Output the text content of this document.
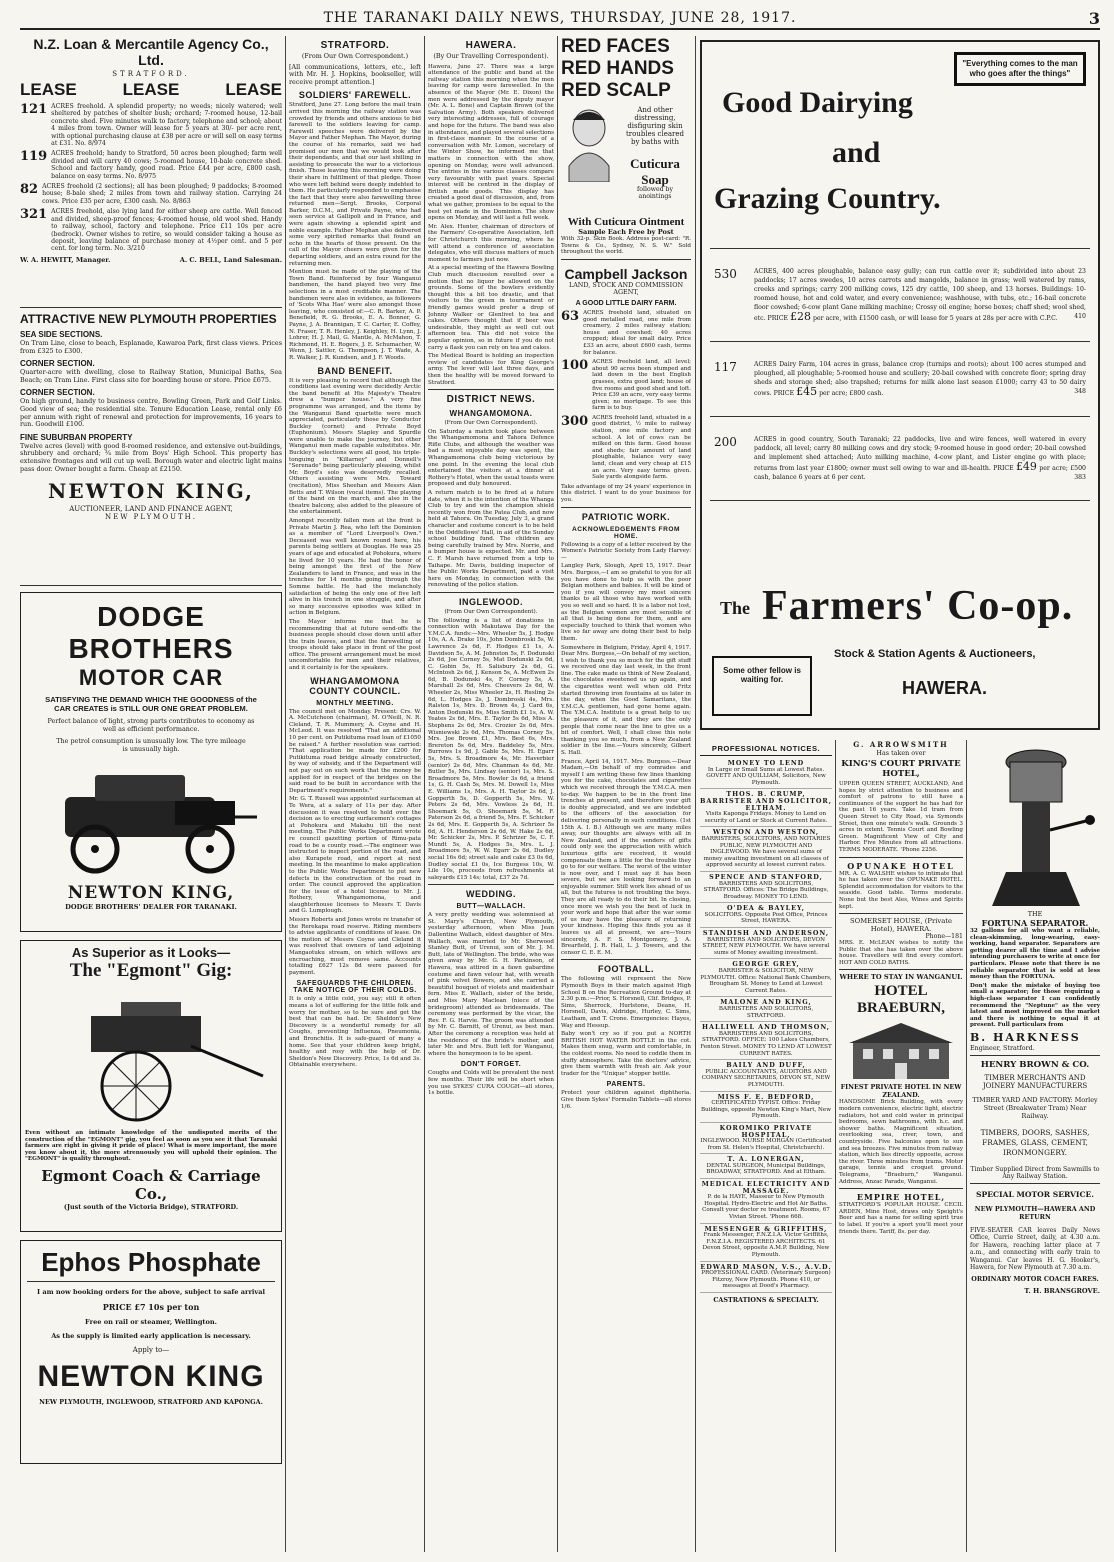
THE TARANAKI DAILY NEWS, THURSDAY, JUNE 28, 1917.	3
N.Z. Loan & Mercantile Agency Co., Ltd.
STRATFORD.
LEASE	LEASE	LEASE
121 ACRES freehold. A splendid property; no weeds; nicely watered; well sheltered by patches of shelter bush; orchard; 7-roomed house, 12-bail concrete shed. Five minutes walk to factory, telephone and school; about 4 miles from town. Owner will lease for 5 years at 30/- per acre rent, with optional purchasing clause at £38 per acre or will sell on easy terms at £31. No. 8/974
119 ACRES freehold; handy to Stratford, 50 acres been ploughed; farm well divided and will carry 40 cows; 5-roomed house, 10-bale concrete shed. School and factory handy, good road. Price £44 per acre, £800 cash, balance on easy terms. No. 8/975
82 ACRES freehold (2 sections); all has been ploughed; 9 paddocks; 8-roomed house; 8-bale shed; 2 miles from town and railway station. Carrying 24 cows. Price £35 per acre, £300 cash. No. 8/863
321 ACRES freehold, also lying land for either sheep are cattle. Well fenced and divided, sheep-proof fences; 4-roomed house, old wool shed. Handy to railway, school, factory and telephone. Price £11 10s per acre (bedrock). Owner wishes to retire, so would consider taking a house as deposit, leaving balance of purchase money at 4½per cent. and 5 per cent. for long term. No. 3/210
W. A. HEWITT, Manager.	A. C. BELL, Land Salesman.
ATTRACTIVE NEW PLYMOUTH PROPERTIES
SEA SIDE SECTIONS.

On Tram Line, close to beach, Esplanade, Kawaroa Park, first class views. Prices from £325 to £300.

CORNER SECTION.

Quarter-acre with dwelling, close to Railway Station, Municipal Baths, Sea Beach; on Tram Line. First class site for boarding house or store. Price £675.

CORNER SECTION.

On high ground, handy to business centre, Bowling Green, Park and Golf Links. Good view of sea; the residential site. Tenure Education Lease, rental only £6 per annum with right of renewal and protection for improvements, 16 years to run. Goodwill £100.

FINE SUBURBAN PROPERTY

Twelve acres (level) with good 8-roomed residence, and extensive out-buildings, shrubbery and orchard; ¾ mile from Boys' High School. This property has extensive frontages and will cut up well. Borough water and electric light mains pass door. Owner bought a farm. Cheap at £2150.

NEWTON KING,
AUCTIONEER, LAND AND FINANCE AGENT,
NEW PLYMOUTH.
DODGE BROTHERS
MOTOR CAR
SATISFYING THE DEMAND WHICH THE GOODNESS of the CAR CREATES is STILL OUR ONE GREAT PROBLEM.
Perfect balance of light, strong parts contributes to economy as well as efficient performance.
The petrol consumption is unusually low. The tyre mileage is unusually high.
NEWTON KING,
DODGE BROTHERS' DEALER FOR TARANAKI.
As Superior as it Looks—
The "Egmont" Gig:

Even without an intimate knowledge of the undisputed merits of the construction of the "EGMONT" gig, you feel as soon as you see it that Taranaki farmers are right in giving it pride of place! What is more important, the more you know about it, the more strenuously you will uphold their opinion. The "EGMONT" is quality throughout.

Egmont Coach & Carriage Co.,
(Just south of the Victoria Bridge), STRATFORD.
Ephos Phosphate
I am now booking orders for the above, subject to safe arrival
PRICE £7 10s per ton
Free on rail or steamer, Wellington.
As the supply is limited early application is necessary.
Apply to—
NEWTON KING
NEW PLYMOUTH, INGLEWOOD, STRATFORD AND KAPONGA.
STRATFORD.
(From Our Own Correspondent.)

[All communications, letters, etc., left with Mr. H. J. Hopkins, bookseller, will receive prompt attention.]

SOLDIERS' FAREWELL.

Stratford, June 27. Long before the mail train arrived this morning the railway station was crowded by friends and others anxious to bid farewell to the soldiers leaving for camp. Farewell speeches were delivered by the Mayor and Father Mephan. The Mayor, during the course of his remarks, said we had promised our men that we would look after their dependants, and that our last shilling in assisting to prosecute the war to a victorious finish. Those leaving this morning were doing their share in fulfilment of that pledge. Those who were left behind were deeply indebted to them. He particularly responded to emphasise the fact that they were also farewelling three returned men—Sergt. Brooks, Corporal Barker, D.C.M., and Private Payne, who had seen service at Gallipoli and in France, and were again showing a splendid spirit and noble example. Father Mephan also delivered some very spirited remarks that found an echo in the hearts of those present. On the call of the Mayor cheers were given for the departing soldiers, and an extra round for the returning men.

Mention must be made of the playing of the Town Band. Reinforced by four Wanganui bandsmen, the band played two very fine selections in a most creditable manner. The bandsmen were also in evidence, as followers of 'Scots Wha Hae' were also amongst those leaving, who consisted of:—C. R. Barker, A. P. Benefield, R. G. Brooks, E. A. Bonner, G. Payne, J. A. Brannigan, T. C. Carter, E. Coffey, N. Fraser, T. R. Henley, J. Keighley, H. Lynn, J. Lohrer, H. J. Mail, G. Mantle, A. McMahon, T. Richmond, H. E. Rogers, J. E. Schumacher, W. Wenn, J. Sattler, G. Thompson, J. T. Wade, A. R. Walker, J. R. Kundsen, and J. F. Woods.

BAND BENEFIT.

It is very pleasing to record that although the conditions last evening were decidedly Arctic the band benefit at His Majesty's Theatre drew a "bumper house." A very fine programme was arranged, and the items by the Wanganui Band quartette were much appreciated, particularly those by Conductor Buckley (cornet) and Private Boyd (Euphonium). Messrs Stapley and Spurdle were unable to make the journey, but other Wanganui men made capable substitutes. Mr. Buckley's selections were all good, his triple-tonguing in "Killarney" and Donnell's "Serenade" being particularly pleasing, whilst Mr. Boyd's solo was deservedly recalled. Others assisting were Mrs. Toward (recitation), Miss Sheehan and Messrs Alan Betts and T. Wilson (vocal items). The playing of the band on the march, and also in the theatre balcony, also added to the pleasure of the entertainment.

Amongst recently fallen men at the front is Private Martin J. Rea, who left the Dominion as a member of "Lord Liverpool's Own." Deceased was well known round here, his parents being settlers at Douglas. He was 25 years of age and educated at Pohokura, where he lived for 10 years. He had the honor of being amongst the first of the New Zealanders to land in France, and was in the trenches for 14 months going through the Somme battle. He had the melancholy satisfaction of being the only one of five left alive in his trench in one struggle, and after so many successive episodes was killed in action in Belgium.

The Mayor informs me that he is recommending that at future send-offs the business people should close down until after the train leaves, and that the farewelling of troops should take place in front of the post office. The present arrangement must be most uncomfortable for men and their relatives, and it certainly is for the speakers.

WHANGAMOMONA COUNTY COUNCIL.
MONTHLY MEETING.

The council met on Monday. Present: Crs. W. A. McCutcheon (chairman), M. O'Neill, N. R. Cleland, T. R. Mummery, A. Coyne and H. McLeod. It was resolved "That an additional 10 per cent. on Putikituma road loan of £1050 be raised." A further resolution was carried: "That application be made for £200 for Putikituma road bridge already constructed, by way of subsidy, and if the Department will not pay out on such work that the money be applied for in respect of the bridges on the said road to be built in accordance with the Department's requirements."

Mr. G. T. Russell was appointed surfaceman at Te Wera, at a salary of 11s per day. After discussion it was resolved to hold over the decision as to erecting surfacemen's cottages at Pohokura and Makahu till the next meeting. The Public Works Department wrote re council gazetting portion of Rimu-pata road to be a county road.—The engineer was instructed to inspect portion of the road, and also Kurapete road, and report at next meeting. In the meantime to make application to the Public Works Department to put new defects in the construction of the road in order. The council approved the application for the issue of a hotel license to Mr. J. Rothery, Whangamomona, and slaughterhouse licenses to Messrs T. Davis and G. Lumplough.

Messrs Roberts and Jones wrote re transfer of the Rerekapa road reserve. Riding members to advise applicants of conditions of lease. On the motion of Messrs Coyne and Cleland it was resolved that owners of land adjoining Mangaotuku stream, on which willows are encroaching, must remove same. Accounts totalling £627 12s 8d were passed for payment.

SAFEGUARDS THE CHILDREN. TAKE NOTICE OF THEIR COLDS.

It is only a little cold, you say; still it often means a lot of suffering for the little folk and worry for mother, so to be sure and get the best that can be had. Dr. Sheldon's New Discovery is a wonderful remedy for all Coughs, preventing Influenza, Pneumonia, and Bronchitis. It is safe-guard of many a home. See that your children keep bright, healthy and rosy with the help of Dr. Sheldon's New Discovery. Price, 1s 6d and 3s. Obtainable everywhere.

HAWERA.
(By Our Travelling Correspondent).

Hawera, June 27. There was a large attendance of the public and band at the railway station this morning when the men leaving for camp were farewelled. In the absence of the Mayor (Mr. E. Dixon) the men were addressed by the deputy mayor (Mr. A. L. Bone) and Captain Brown (of the Salvation Army). Both speakers delivered very interesting addresses, full of courage and hope for the future. The band was also in attendance, and played several selections in first-class manner. In the course of a conversation with Mr. Lomon, secretary of the Winter Show, he informed me that matters in connection with the show, opening on Monday, were well advanced. The entries in the various classes compare very favourably with past years. Special interest will be centred in the display of British made goods. This display has created a good deal of discussion, and, from what we gather, promises to be equal to the best yet made in the Dominion. The show opens on Monday, and will last a full week.

Mr. Alex. Hunter, chairman of directors of the Farmers' Co-operative Association, left for Christchurch this morning, where he will attend a conference of association delegates, who will discuss matters of much moment to farmers just now.

At a special meeting of the Hawera Bowling Club much discussion resulted over a motion that no liquor be allowed on the grounds. Some of the bowlers evidently thought this a bit too drastic, and that visitors to the green in tournament or friendly games would prefer a drop of Johnny Walker or Glenlivet to tea and cakes. Others thought that if beer was undesirable, they might as well cut out afternoon tea. This did not voice the popular opinion, so in future if you do not carry a flask you can rely on tea and cakes.

The Medical Board is holding an inspection review of candidates for King George's army. The lever will last three days, and then the healthy will be moved forward to Stratford.

DISTRICT NEWS.
WHANGAMOMONA.
(From Our Own Correspondent).

On Saturday a match took place between the Whangamomona and Tahora Defence Rifle Clubs, and although the weather was bad a most enjoyable day was spent, the Whangamomona club being victorious by one point. In the evening the local club entertained the visitors at a dinner at Rothery's Hotel, when the usual toasts were proposed and duly honoured.

A return match is to be fired at a future date, when it is the intention of the Whanga Club to try and win the champion shield recently won from the Patea Club, and now held at Tahora. On Tuesday, July 3, a grand character and costume concert is to be held in the Oddfellows' Hall, in aid of the Sunday school building fund. The children are being carefully trained by Mrs. Norrie, and a bumper house is expected. Mr. and Mrs. C. F. Marsh have returned from a trip to Taihape. Mr. Davis, building inspector of the Public Works Department, paid a visit here on Monday, in connection with the renovating of the police station.

INGLEWOOD.
(From Our Own Correspondent).

The following is a list of donations in connection with Makutawa Day for the Y.M.C.A. funds:—Mrs. Wheeler 5s, J. Hodge 10s, A. A. Drake 10s, John Dombroski 5s, W. Lawrence 2s 6d, F. Hodges £1 1s, A. Davidson 5s, A. M. Johnston 5s, F. Dodunski 2s 6d, Joe Corney 5s, Mat Dodunski 2s 6d, C. Gobin 5s, H. Salisbury 2s 6d, G. McIntosh 2s 6d, J. Kenson 5s, A. McEwen 2s 6d, B. Dodunski 4s, F. Corney 5s, A. Marshall 2s 6d, Mrs. Cheevers 2s 6d, W. Wheeler 2s, Miss Wheeler 2s, H. Rusling 2s 6d, L. Hodges 2s, J. Dombroski 4s, Mrs. Ralston 1s, Mrs. D. Brown 4s, J. Card 6s, Anton Dodunski 6s, Miss Smith £1 1s, A. W. Yeates 2s 6d, Mrs. E. Taylor 5s 6d, Miss A. Stephens 2s 6d, Mrs. Crozier 2s 6d, Mrs. Wisniewski 2s 6d, Mrs. Thomas Corney 5s, Mrs. Joe Brown £1, Mrs. Best 6s, Mrs. Brereton 5s 6d, Mrs. Baddeley 5s, Mrs. Burrows 1s 9d, J. Gable 5s, Mrs. H. Egarr 5s, Mrs. S. Broadmore 4s, Mr. Haverbier (senior) 2s 6d, Mrs. Chanman 4s 6d, Mr. Butler 5s, Mrs. Lindsay (senior) 1s, Mrs. S. Broadmore 5s, Mrs. Bowler 3s 6d, a friend 1s, G. H. Cash 5s, Mrs. M. Dowell 1s, Miss E. Williams 1s, Mrs. A. H. Taylor 2s 6d, J. Gopperth 5s, D. Gopperth 5s, Mrs. W. Peters 2s 6d, Mrs. Vowless 2s 6d, H. Shoemark 5s, O. Shoemark 5s, M. F. Paterson 2s 6d, a friend 5s, Mrs. F. Schicker 2s 6d, Mrs. E. Gopperth 5s, A. Schrizer 5s 6d, A. H. Henderson 2s 6d, W. Hake 2s 6d, Mr. Schicker 2s, Mrs. P. Schrizer 5s, C. F. Mundt 5s, A. Hodges 5s, Mrs. L. J. Broadmore 5s, W. W. Egarr 2s 6d, Dudley social 16s 6d; street sale and cake £3 0s 6d, Dudley social £1 0s, Ice Burgess 10s, W. Lile 10s, proceeds from refreshments at saleyards £15 14s; total, £37 2s 7d.

WEDDING.
BUTT—WALLACH.

A very pretty wedding was solemnised at St. Mary's Church, New Plymouth, yesterday afternoon, when Miss Jean Dallentine Wallach, eldest daughter of Mrs. Wallach, was married to Mr. Sherwood Stanley Butt, of Urenui, son of Mr. J. M. Butt, late of Wellington. The bride, who was given away by Mr. G. H. Parkinson, of Hawera, was attired in a fawn gabardine costume and fawn velour hat, with wreath of pink velvet flowers, and she carried a beautiful bouquet of violets and maidenhair fern. Miss E. Wallach, sister of the bride, and Miss Mary Maclean (niece of the bridegroom) attended as bridesmaids. The ceremony was performed by the vicar, the Rev. F. G. Harvie. The groom was attended by Mr. C. Barnitt, of Urenui, as best man. After the ceremony a reception was held at the residence of the bride's mother, and later Mr. and Mrs. Butt left for Wanganui, where the honeymoon is to be spent.

DON'T FORGET.

Coughs and Colds will be prevalent the next few months. Their life will be short when you use SYKES' CURA COUGH—all stores, 1s bottle.

RED FACES
RED HANDS
RED SCALP
And other distressing, disfiguring skin troubles cleared by baths with
Cuticura Soap
followed by anointings
With Cuticura Ointment
Sample Each Free by Post

With 32-p. Skin Book. Address post-card: "R. Towns & Co., Sydney, N. S. W." Sold throughout the world.

Campbell Jackson
LAND, STOCK AND COMMISSION AGENT,
A GOOD LITTLE DAIRY FARM.
63 ACRES freehold land, situated on good metalled road, one mile from creamery, 2 miles railway station; house and cowshed; 40 acres cropped; ideal for small dairy. Price £33 an acre, about £600 cash, terms for balance.
100 ACRES freehold land, all level; about 90 acres been stumped and laid down in the best English grasses, extra good land; house of five rooms and good shed and loft. Price £39 an acre, very easy terms given; no mortgage. To see this farm is to buy.
300 ACRES freehold land, situated in a good district, ½ mile to railway station, one mile factory and school. A lot of cows can be milked on this farm. Good house and sheds; fair amount of land ploughable, balance very easy land, clean and very cheap at £15 an acre. Very easy terms given. Sale yards alongside farm.

Take advantage of my 24 years' experience in this district. I want to do your business for you.

PATRIOTIC WORK.
ACKNOWLEDGEMENTS FROM HOME.

Following is a copy of a letter received by the Women's Patriotic Society from Lady Harvey:—

Langley Park, Slough, April 15, 1917. Dear Mrs. Burgess,—I am so grateful to you for all you have done to help us with the poor Belgian mothers and babies. It will be kind of you if you will convey my most sincere thanks to all those who have worked with you so well and so hard. It is a labor not lost, as the Belgian women are most sensible of all that is being done for them, and are especially touched to think that women who live so far away are doing their best to help them.

Somewhere in Belgium, Friday, April 4, 1917. Dear Mrs. Burgess,—On behalf of my section, I wish to thank you so much for the gift stuff we received one day last week, in the front line. The cake made us think of New Zealand, the chocolates sweetened us up again, and the cigarettes went well when old Fritz started throwing iron fountains at us later in the day, when the Good Samaritans, the Y.M.C.A. gentlemen, had gone home again. The Y.M.C.A. Institute is a great help to us; the pleasure of it, and they are the only people that come near the line to give us a bit of comfort. Well, I shall close this note thanking you so much, from a New Zealand soldier in the line.—Yours sincerely, Gilbert S. Hall.

France, April 14, 1917. Mrs. Burgess.—Dear Madam,—On behalf of my comrades and myself I am writing these few lines thanking you for the cake, chocolates and cigarettes which we received through the Y.M.C.A. men to-day. We happen to be in the front line trenches at present, and therefore your gift is doubly appreciated, and we are indebted to the officers of the association for delivering personally in such conditions. (1st 15th A. I. B.) Although we are many miles away, our thoughts are always with all in New Zealand, and if the senders of gifts could only see the appreciation with which luxurious gifts are received, it would compensate them a little for the trouble they go to for our welfare. The worst of the winter is now over, and I must say it has been severe, but we are looking forward to an enjoyable summer. Still work lies ahead of us all, but the futures is not troubling the boys. They are all ready to do their bit. In closing, once more we wish you the best of luck in your work and hope that after the war some of us may have the pleasure of returning your kindness. Hoping this finds you as it leaves us all at present, we are—Yours sincerely, A. F. S. Montgomery, J. A. Brearfield, J. R. Hall, L. J. Towers, and the censor C. E. E. M.

FOOTBALL.

The following will represent the New Plymouth Boys in their match against High School B on the Recreation Ground to-day at 2.30 p.m.:—Prior, S. Horsnell, Clif. Bridges, P. Sims, Sherrock, Hurlstone, Deane, H. Horsnell, Davis, Aldridge, Hurley, C. Sims, Leatham, and T. Crone. Emergencies: Hayes, Way and Hessup.

Baby won't cry so if you put a NORTH BRITISH HOT WATER BOTTLE in the cot. Makes them snug, warm and comfortable, in the coldest rooms. No need to coddle them in stuffy atmosphere. Take the doctors' advice, give them warmth with fresh air. Ask your trader for the "Unique" stopper bottle.

PARENTS.

Protect your children against diphtheria. Give them Sykes' Formalin Tablets—all stores 1/6.

"Everything comes to the man who goes after the things"
Good Dairying
and
Grazing Country.
530	ACRES, 400 acres ploughable, balance easy gully; can run cattle over it; subdivided into about 23 paddocks; 17 acres swedes, 10 acres carrots and mangolds, balance in grass; well watered by rams, creeks and springs; carry 200 milking cows, 125 dry cattle, 100 sheep, and 13 horses. Buildings: 10-roomed house, hot and cold water, and every convenience; washhouse, with tubs, etc.; 16-bail concrete floor cowshed; 6-cow plant Gane milking machine; Crossy oil engine; horse boxes; chaff shed; wool shed, etc. PRICE £28 per acre, with £1500 cash, or will lease for 5 years at 28s per acre with C.P.C.	410
117	ACRES Dairy Farm, 104 acres in grass, balance crop (turnips and roots); about 100 acres stumped and ploughed, all ploughable; 5-roomed house and scullery; 20-bail cowshed with concrete floor; spring dray sheds and storage shed; also trapshed; returns for milk alone last season £1000; carry 43 to 50 dairy cows. PRICE £45 per acre; £800 cash.	348
200	ACRES in good country, South Taranaki; 22 paddocks, live and wire fences, well watered in every paddock, all level; carry 80 milking cows and dry stock; 9-roomed house in good order; 20-bail cowshed and implement shed attached; Auto milking machine, 4-cow plant, and Lister engine go with place; returns from last year £1800; owner must sell owing to war and ill-health. PRICE £49 per acre; £500 cash, balance 6 years at 6 per cent.	383
The Farmers' Co-op.
Some other fellow is waiting for.
Stock & Station Agents & Auctioneers,
HAWERA.
PROFESSIONAL NOTICES.
MONEY TO LEND
In Large or Small Sums at Lowest Rates. GOVETT AND QUILLIAM, Solicitors, New Plymouth.
THOS. B. CRUMP, BARRISTER AND SOLICITOR, ELTHAM.
Visits Kaponga Fridays. Money to Lend on security of Land or Stock at Current Rates.
WESTON AND WESTON,
BARRISTERS, SOLICITORS, AND NOTARIES PUBLIC, NEW PLYMOUTH AND INGLEWOOD. We have several sums of money awaiting investment on all classes of approved security at lowest current rates.
SPENCE AND STANFORD,
BARRISTERS AND SOLICITORS, STRATFORD. Offices: The Bridge Buildings, Broadway. MONEY TO LEND.
O'DEA & BAYLEY,
SOLICITORS. Opposite Post Office, Princes Street, HAWERA.
STANDISH AND ANDERSON,
BARRISTERS AND SOLICITORS, DEVON STREET, NEW PLYMOUTH. We have several sums of Money awaiting investment.
GEORGE GREY,
BARRISTER & SOLICITOR, NEW PLYMOUTH. Office: National Bank Chambers, Brougham St. Money to Lend at Lowest Current Rates.
MALONE AND KING,
BARRISTERS AND SOLICITORS, STRATFORD.
HALLIWELL AND THOMSON,
BARRISTERS AND SOLICITORS, STRATFORD. OFFICE: 100 Lakes Chambers, Fenton Street. MONEY TO LEND AT LOWEST CURRENT RATES.
BAILY AND DUFF,
PUBLIC ACCOUNTANTS, AUDITORS AND COMPANY SECRETARIES, DEVON ST., NEW PLYMOUTH.
MISS F. E. BEDFORD,
CERTIFICATED TYPIST. Office: Friday Buildings, opposite Newton King's Mart, New Plymouth.
KOROMIKO PRIVATE HOSPITAL,
INGLEWOOD. NURSE MORGAN (Certificated from St. Helen's Hospital, Christchurch).
T. A. LONERGAN,
DENTAL SURGEON, Municipal Buildings, BROADWAY, STRATFORD. And at Eltham.
MEDICAL ELECTRICITY AND MASSAGE.
P. de la HAYE, Masseur to New Plymouth Hospital. Hydro-Electric and Hot Air Baths. Consult your doctor re treatment. Rooms, 67 Vivian Street. 'Phone 668.
MESSENGER & GRIFFITHS,
Frank Messenger, F.N.Z.I.A. Victor Griffiths, F.N.Z.I.A. REGISTERED ARCHITECTS. 61 Devon Street, opposite A.M.P. Building, New Plymouth.
EDWARD MASON, V.S., A.V.D.
PROFESSIONAL CARD. (Veterinary Surgeon) Fitzroy, New Plymouth. Phone 410, or messages at Dood's Pharmacy.
CASTRATIONS & SPECIALTY.
G. ARROWSMITH
Has taken over
KING'S COURT PRIVATE HOTEL,

UPPER QUEEN STREET, AUCKLAND, And hopes by strict attention to business and comfort of patrons to still have a continuance of the support he has had for the past 16 years. Take 1d tram from Queen Street to City Road, via Symonds Street, then one minute's walk. Grounds 3 acres in extent. Tennis Court and Bowling Green. Magnificent View of City and Harbor. Five Minutes from all attractions. TERMS MODERATE. 'Phone 2256.

OPUNAKE HOTEL

MR. A. C. WALSHE wishes to intimate that he has taken over the OPUNAKE HOTEL. Splendid accommodation for visitors to the seaside. Good table. Terms moderate. None but the best Ales, Wines and Spirits kept.

SOMERSET HOUSE, (Private Hotel), HAWERA.
Phone—181

MRS. E. McLEAN wishes to notify the Public that she has taken over the above house. Travellers will find every comfort. HOT AND COLD BATHS.

WHERE TO STAY IN WANGANUI.
HOTEL BRAEBURN,
FINEST PRIVATE HOTEL IN NEW ZEALAND.

HANDSOME Brick Building, with every modern convenience, electric light, electric radiators, hot and cold water in principal bedrooms, sewn bathrooms, with h.c. and shower baths. Magnificent situation, overlooking sea, river, town, and countryside. Five balconies open to sun and sea breezes. Five minutes from railway station, which lies directly opposite, across the river. Three minutes from trams. Motor garage, tennis and croquet ground. Telegrams, "Braeburn," Wanganui. Address, Anzac Parade, Wanganui.

EMPIRE HOTEL,

STRATFORD'S POPULAR HOUSE. CECIL ARDEN, Mine Host, draws only Speight's Beer and has a name for selling spirit true to label. If you're a sport you'll meet your friends there. Tariff, 8s. per day.

THE
FORTUNA SEPARATOR.

32 gallons for all who want a reliable, clean-skimming, long-wearing, easy-working, hand separator. Separators are getting dearer all the time and I advise intending purchasers to write at once for particulars. Please note that there is no reliable separator that is sold at less money than the FORTUNA.

Don't make the mistake of buying too small a separator; for those requiring a high-class separator I can confidently recommend the "Neptune" as the very latest and most improved on the market and there is nothing to equal it at present. Full particulars from

B. HARKNESS
Engineer, Stratford.
HENRY BROWN & CO.
TIMBER MERCHANTS AND JOINERY MANUFACTURERS
TIMBER YARD AND FACTORY: Morley Street (Breakwater Tram) Near Railway.
TIMBERS, DOORS, SASHES, FRAMES, GLASS, CEMENT, IRONMONGERY.
Timber Supplied Direct from Sawmills to Any Railway Station.
SPECIAL MOTOR SERVICE.
NEW PLYMOUTH—HAWERA AND RETURN

FIVE-SEATER CAR leaves Daily News Office, Currie Street, daily, at 4.30 a.m. for Hawera, reaching latter place at 7 a.m., and connecting with early train to Wanganui. Car leaves H. G. Hooker's, Hawera, for New Plymouth at 7.30 a.m.

ORDINARY MOTOR COACH FARES.
T. H. BRANSGROVE.
